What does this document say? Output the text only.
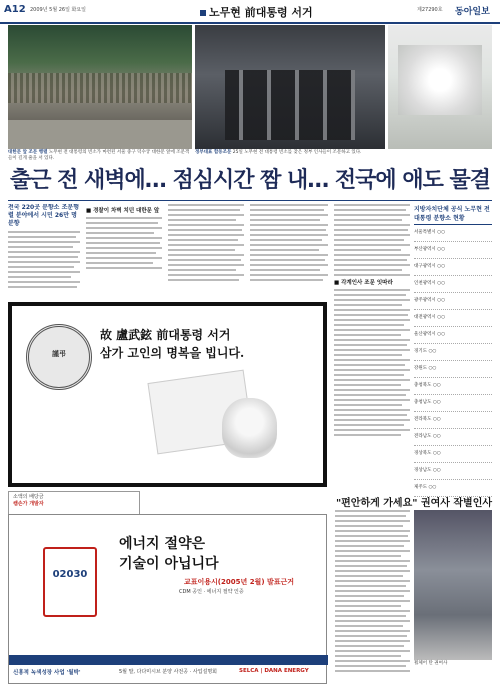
A12 2009년 5월 26일 화요일	노무현 前대통령 서거	제27290호 동아일보
대한문 앞 조문 행렬 노무현 전 대통령의 빈소가 마련된 서울 중구 덕수궁 대한문 앞에 조문객들이 길게 줄을 서 있다.
정부대표 합동조문 25일 노무현 전 대통령 빈소를 찾은 정부 인사들이 조문하고 있다.
출근 전 새벽에… 점심시간 짬 내… 전국에 애도 물결
전국 220곳 분향소 조문행렬 분야에서 시민 26만 명 분향
■ 경찰이 차벽 치던 대한문 앞
■ 각계인사 조문 잇따라
지방자치단체 공식 노무현 전 대통령 분향소 현황
서울특별시 ○○
부산광역시 ○○
대구광역시 ○○
인천광역시 ○○
광주광역시 ○○
대전광역시 ○○
울산광역시 ○○
경기도 ○○
강원도 ○○
충청북도 ○○
충청남도 ○○
전라북도 ○○
전라남도 ○○
경상북도 ○○
경상남도 ○○
제주도 ○○
謹弔
故 盧武鉉 前대통령 서거
삼가 고인의 명복을 빕니다.
소액의 배당금
쌤손가 개발자
02030
에너지 절약은
기술이 아닙니다
교표이용시(2005년 2월) 발표근거
CDM 공인 · 에너지 절약 인증
신흥적 녹색성장 사업 '월박'	5월 말, 다다미시브 분양 사전공 · 사업설명회	SELCA | DANA ENERGY
"편안하게 가세요" 권여사 작별인사
휠체어 탄 권여사
